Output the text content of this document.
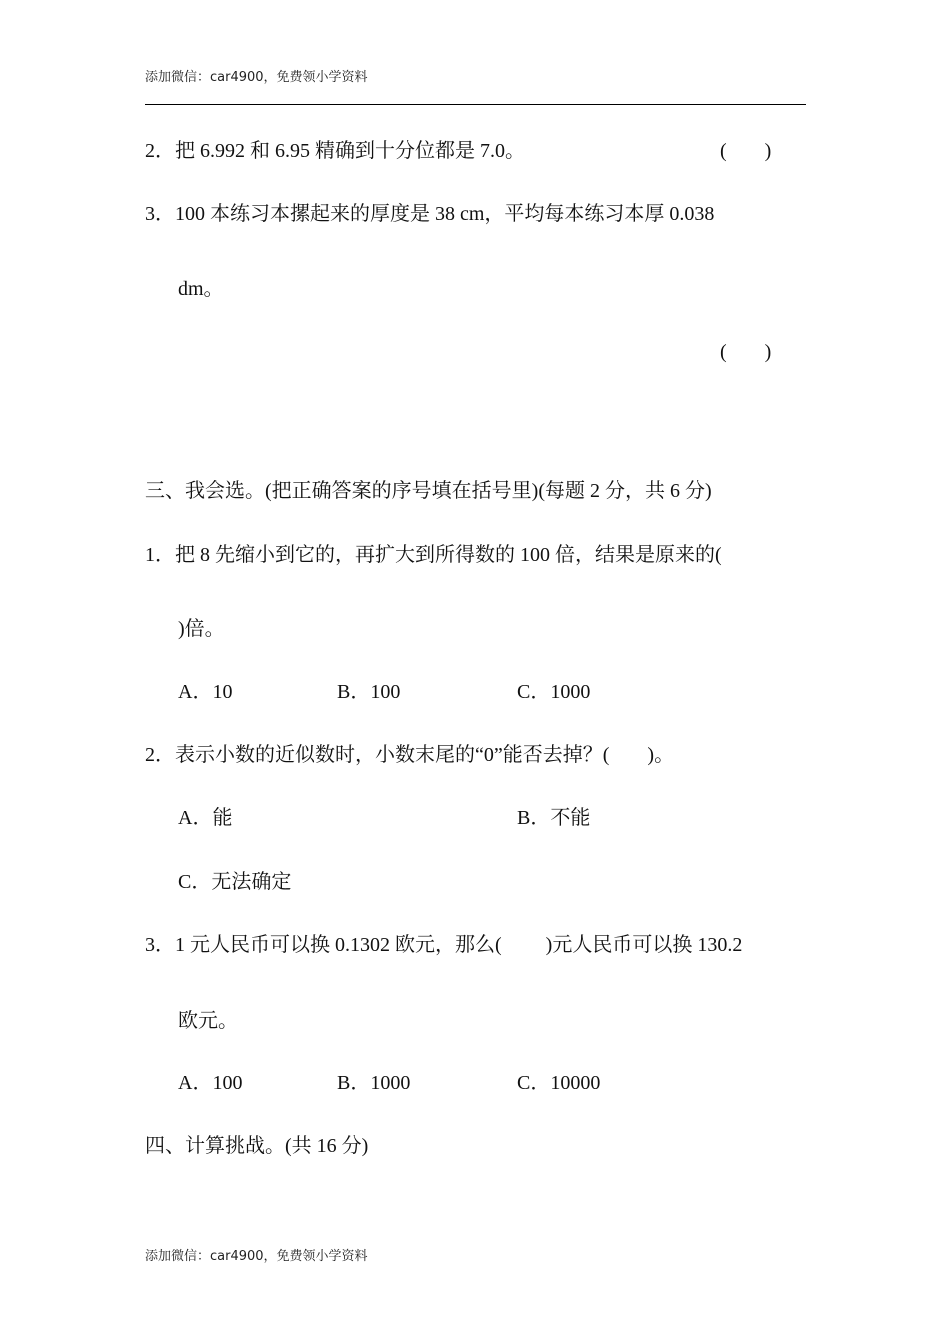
添加微信：car4900，免费领小学资料
2．把 6.992 和 6.95 精确到十分位都是 7.0。	( )
3．100 本练习本摞起来的厚度是 38 cm，平均每本练习本厚 0.038
dm。
( )
三、我会选。(把正确答案的序号填在括号里)(每题 2 分，共 6 分)
1．把 8 先缩小到它的，再扩大到所得数的 100 倍，结果是原来的(
)倍。
A．10	B．100	C．1000
2．表示小数的近似数时，小数末尾的“0”能否去掉？( )。
A．能	B．不能
C．无法确定
3．1 元人民币可以换 0.1302 欧元，那么( )元人民币可以换 130.2
欧元。
A．100	B．1000	C．10000
四、计算挑战。(共 16 分)
添加微信：car4900，免费领小学资料
